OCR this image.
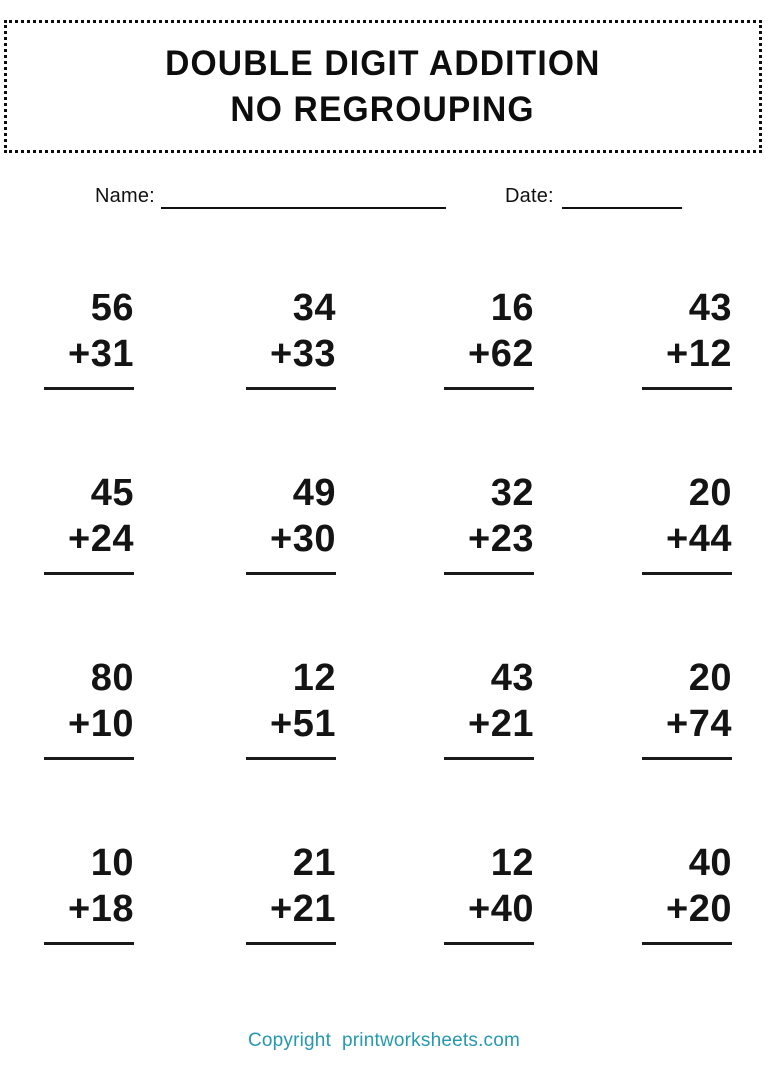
DOUBLE DIGIT ADDITION
NO REGROUPING
Name:	Date:
56
+31
34
+33
16
+62
43
+12
45
+24
49
+30
32
+23
20
+44
80
+10
12
+51
43
+21
20
+74
10
+18
21
+21
12
+40
40
+20
Copyright  printworksheets.com
